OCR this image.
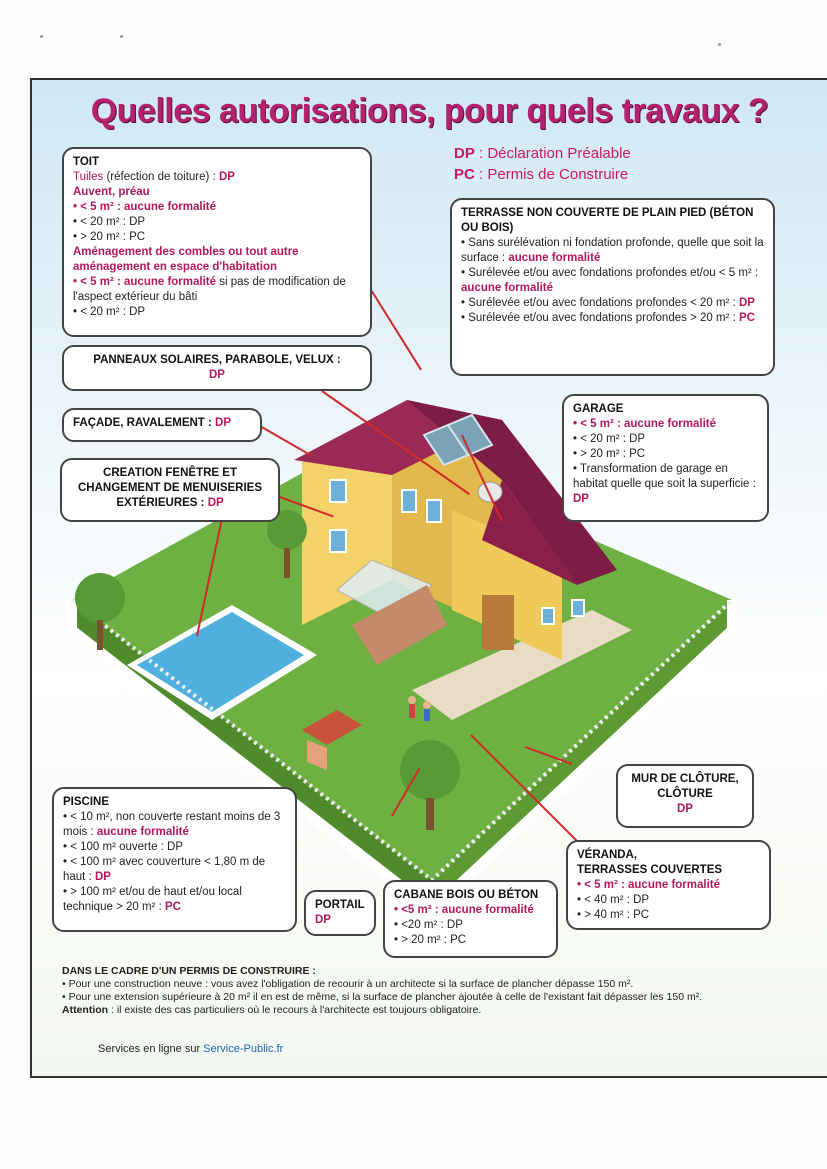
Quelles autorisations, pour quels travaux ?
DP : Déclaration Préalable
PC : Permis de Construire
TOIT
Tuiles (réfection de toiture) : DP
Auvent, préau
• < 5 m² : aucune formalité
• < 20 m² : DP
• > 20 m² : PC
Aménagement des combles ou tout autre aménagement en espace d'habitation
• < 5 m² : aucune formalité si pas de modification de l'aspect extérieur du bâti
• < 20 m² : DP
PANNEAUX SOLAIRES, PARABOLE, VELUX :
DP
FAÇADE, RAVALEMENT : DP
CREATION FENÊTRE ET
CHANGEMENT DE MENUISERIES
EXTÉRIEURES : DP
TERRASSE NON COUVERTE DE PLAIN PIED (BÉTON OU BOIS)
• Sans surélévation ni fondation profonde, quelle que soit la surface : aucune formalité
• Surélevée et/ou avec fondations profondes et/ou < 5 m² : aucune formalité
• Surélevée et/ou avec fondations profondes < 20 m² : DP
• Surélevée et/ou avec fondations profondes > 20 m² : PC
GARAGE
• < 5 m² : aucune formalité
• < 20 m² : DP
• > 20 m² : PC
• Transformation de garage en habitat quelle que soit la superficie : DP
PISCINE
• < 10 m², non couverte restant moins de 3 mois : aucune formalité
• < 100 m² ouverte : DP
• < 100 m² avec couverture < 1,80 m de haut : DP
• > 100 m² et/ou de haut et/ou local technique > 20 m² : PC	PORTAIL
DP
CABANE BOIS OU BÉTON
• <5 m² : aucune formalité
• <20 m² : DP
• > 20 m² : PC
MUR DE CLÔTURE,
CLÔTURE
DP
VÉRANDA,
TERRASSES COUVERTES
• < 5 m² : aucune formalité
• < 40 m² : DP
• > 40 m² : PC
DANS LE CADRE D'UN PERMIS DE CONSTRUIRE :
• Pour une construction neuve : vous avez l'obligation de recourir à un architecte si la surface de plancher dépasse 150 m².
• Pour une extension supérieure à 20 m² il en est de même, si la surface de plancher ajoutée à celle de l'existant fait dépasser les 150 m².
Attention : il existe des cas particuliers où le recours à l'architecte est toujours obligatoire.
Services en ligne sur Service-Public.fr
